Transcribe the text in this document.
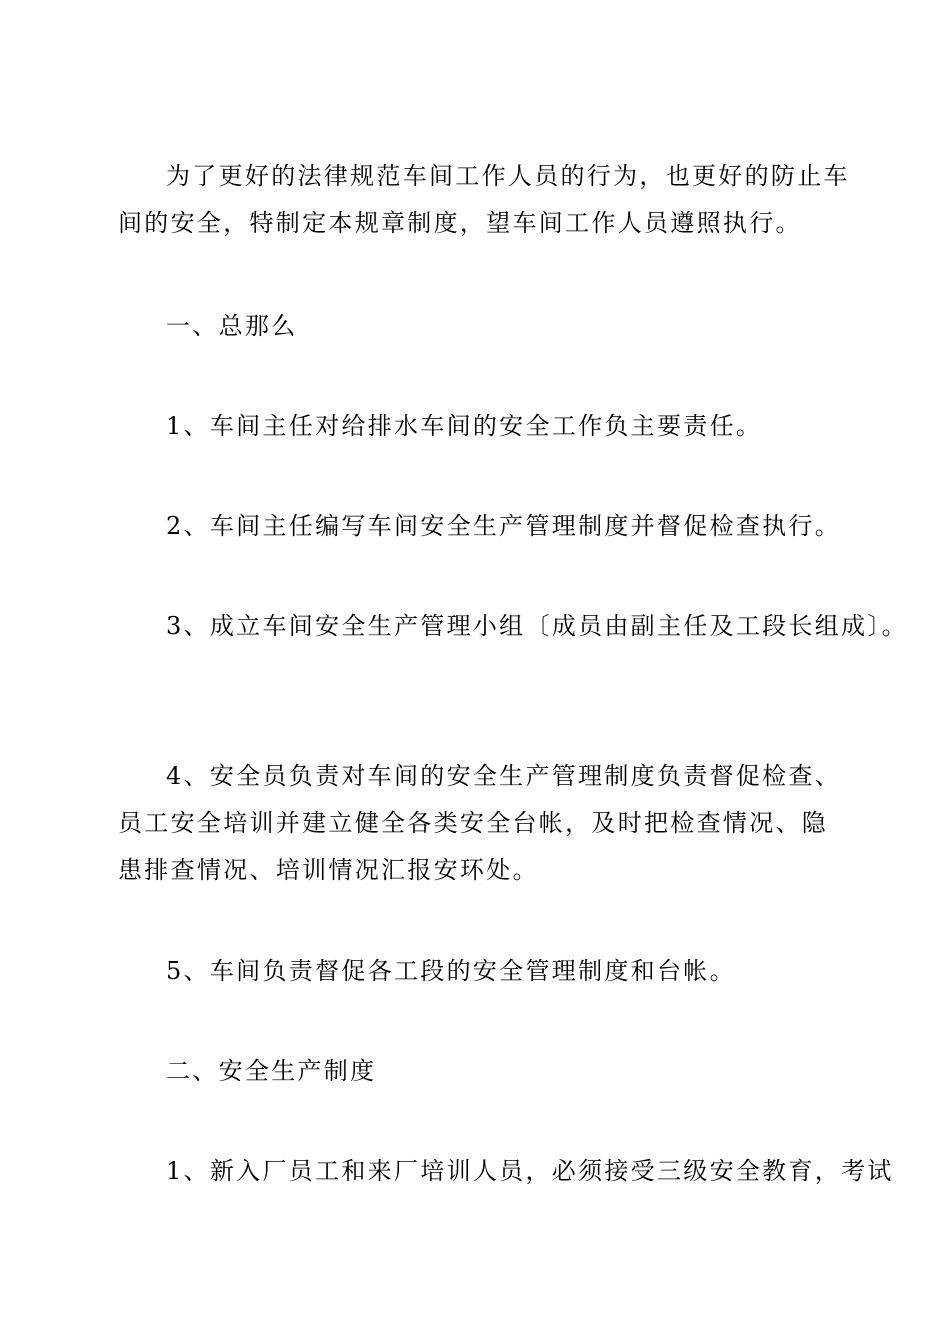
为了更好的法律规范车间工作人员的行为，也更好的防止车间的安全，特制定本规章制度，望车间工作人员遵照执行。

一、总那么

1、车间主任对给排水车间的安全工作负主要责任。

2、车间主任编写车间安全生产管理制度并督促检查执行。

3、成立车间安全生产管理小组〔成员由副主任及工段长组成〕。

4、安全员负责对车间的安全生产管理制度负责督促检查、员工安全培训并建立健全各类安全台帐，及时把检查情况、隐患排查情况、培训情况汇报安环处。

5、车间负责督促各工段的安全管理制度和台帐。

二、安全生产制度

1、新入厂员工和来厂培训人员，必须接受三级安全教育，考试
